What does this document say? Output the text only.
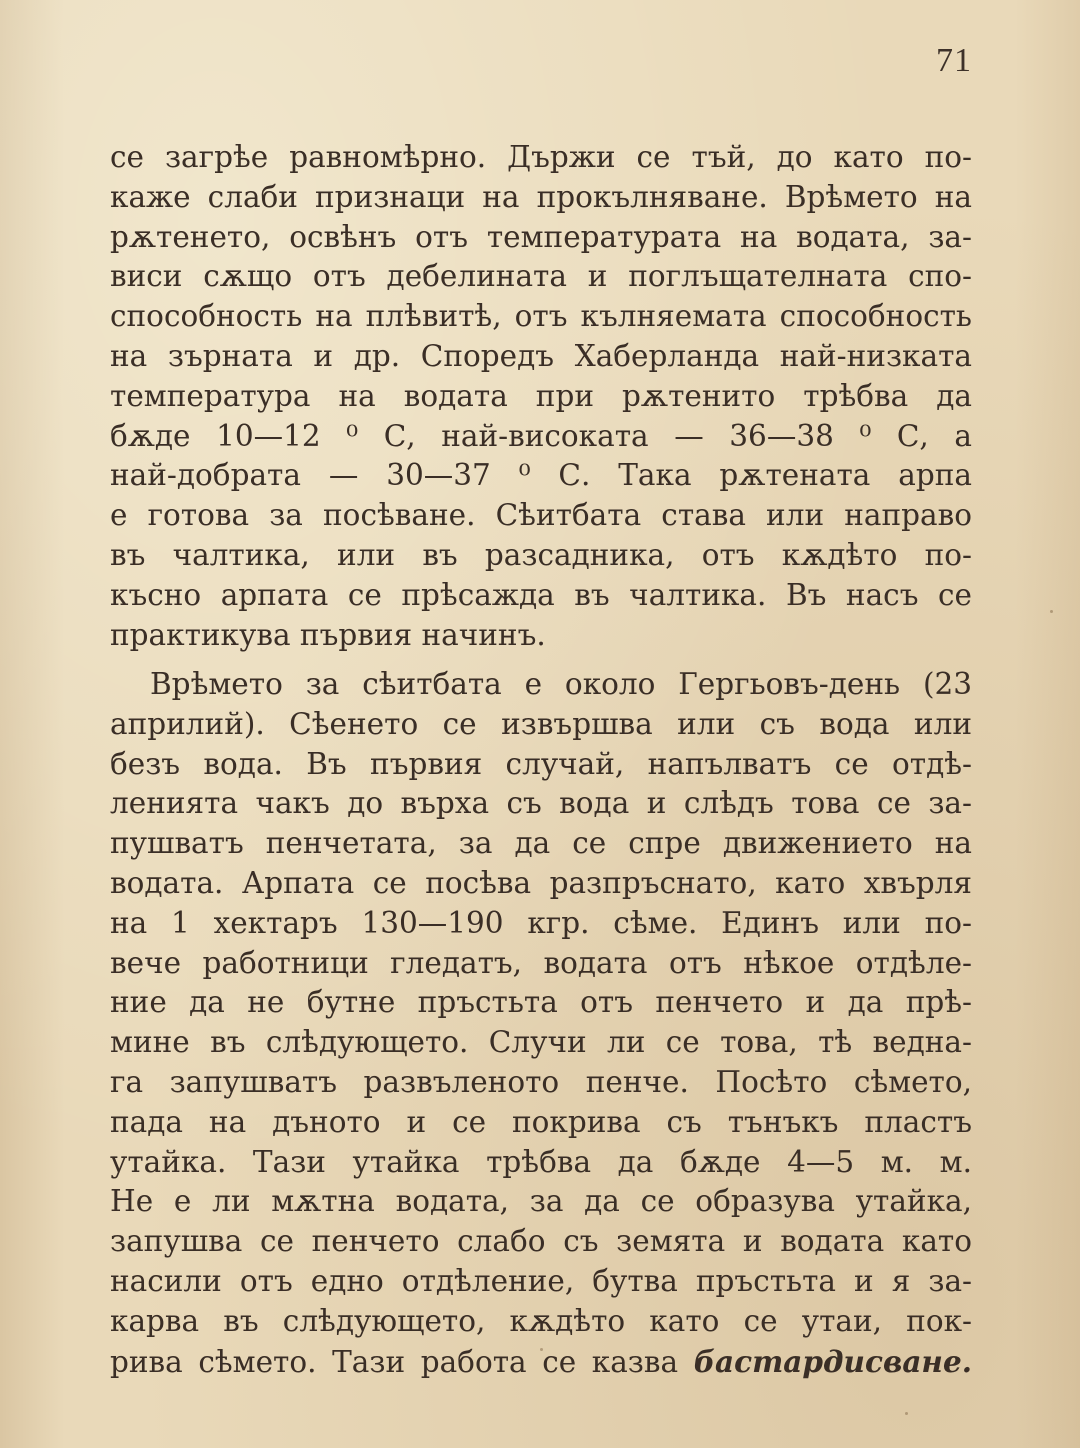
71
се загрѣе равномѣрно. Държи се тъй, до като по-
каже слаби признаци на прокълняване. Врѣмето на
рѫтенето, освѣнъ отъ температурата на водата, за-
виси сѫщо отъ дебелината и поглъщателната спо-
способность на плѣвитѣ, отъ кълняемата способность
на зърната и др. Споредъ Хаберланда най-низката
температура на водата при рѫтенито трѣбва да
бѫде 10—12 ⁰ С, най-високата — 36—38 ⁰ С, а
най-добрата — 30—37 ⁰ С. Така рѫтената арпа
е готова за посѣване. Сѣитбата става или направо
въ чалтика, или въ разсадника, отъ кѫдѣто по-
късно арпата се прѣсажда въ чалтика. Въ насъ се
практикува първия начинъ.
Врѣмето за сѣитбата е около Гергьовъ-день (23
априлий). Сѣенето се извършва или съ вода или
безъ вода. Въ първия случай, напълватъ се отдѣ-
ленията чакъ до върха съ вода и слѣдъ това се за-
пушватъ пенчетата, за да се спре движението на
водата. Арпата се посѣва разпръснато, като хвърля
на 1 хектаръ 130—190 кгр. сѣме. Единъ или по-
вече работници гледатъ, водата отъ нѣкое отдѣле-
ние да не бутне пръстьта отъ пенчето и да прѣ-
мине въ слѣдующето. Случи ли се това, тѣ ведна-
га запушватъ развъленото пенче. Посѣто сѣмето,
пада на дъното и се покрива съ тънъкъ пластъ
утайка. Тази утайка трѣбва да бѫде 4—5 м. м.
Не е ли мѫтна водата, за да се образува утайка,
запушва се пенчето слабо съ земята и водата като
насили отъ едно отдѣление, бутва пръстьта и я за-
карва въ слѣдующето, кѫдѣто като се утаи, пок-
рива сѣмето. Тази работа се казва бастардисване.
